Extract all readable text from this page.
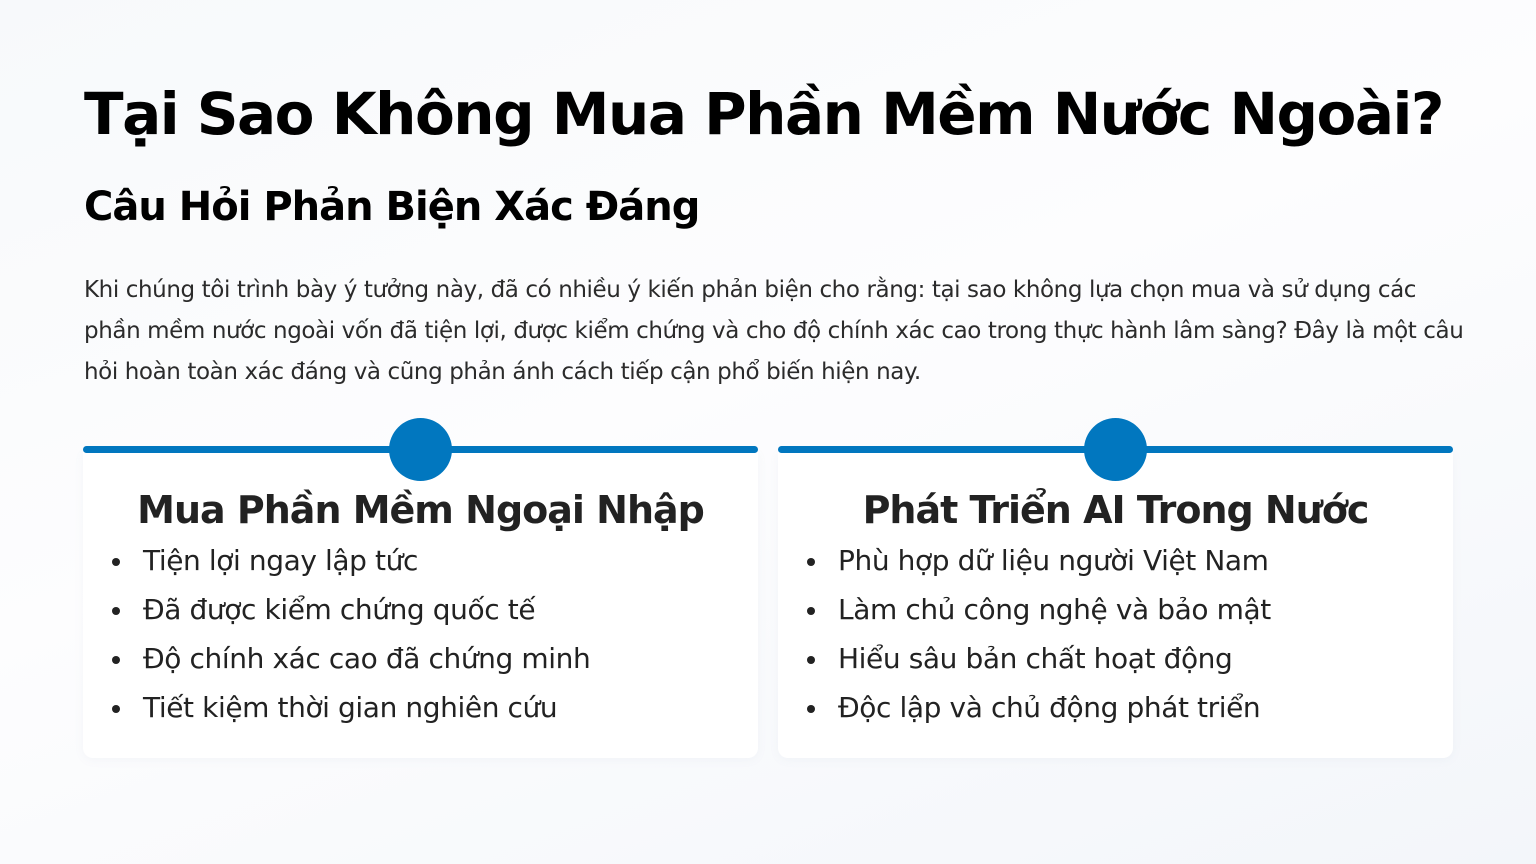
Tại Sao Không Mua Phần Mềm Nước Ngoài?
Câu Hỏi Phản Biện Xác Đáng

Khi chúng tôi trình bày ý tưởng này, đã có nhiều ý kiến phản biện cho rằng: tại sao không lựa chọn mua và sử dụng các phần mềm nước ngoài vốn đã tiện lợi, được kiểm chứng và cho độ chính xác cao trong thực hành lâm sàng? Đây là một câu hỏi hoàn toàn xác đáng và cũng phản ánh cách tiếp cận phổ biến hiện nay.

Mua Phần Mềm Ngoại Nhập
Tiện lợi ngay lập tức
Đã được kiểm chứng quốc tế
Độ chính xác cao đã chứng minh
Tiết kiệm thời gian nghiên cứu
Phát Triển AI Trong Nước
Phù hợp dữ liệu người Việt Nam
Làm chủ công nghệ và bảo mật
Hiểu sâu bản chất hoạt động
Độc lập và chủ động phát triển
